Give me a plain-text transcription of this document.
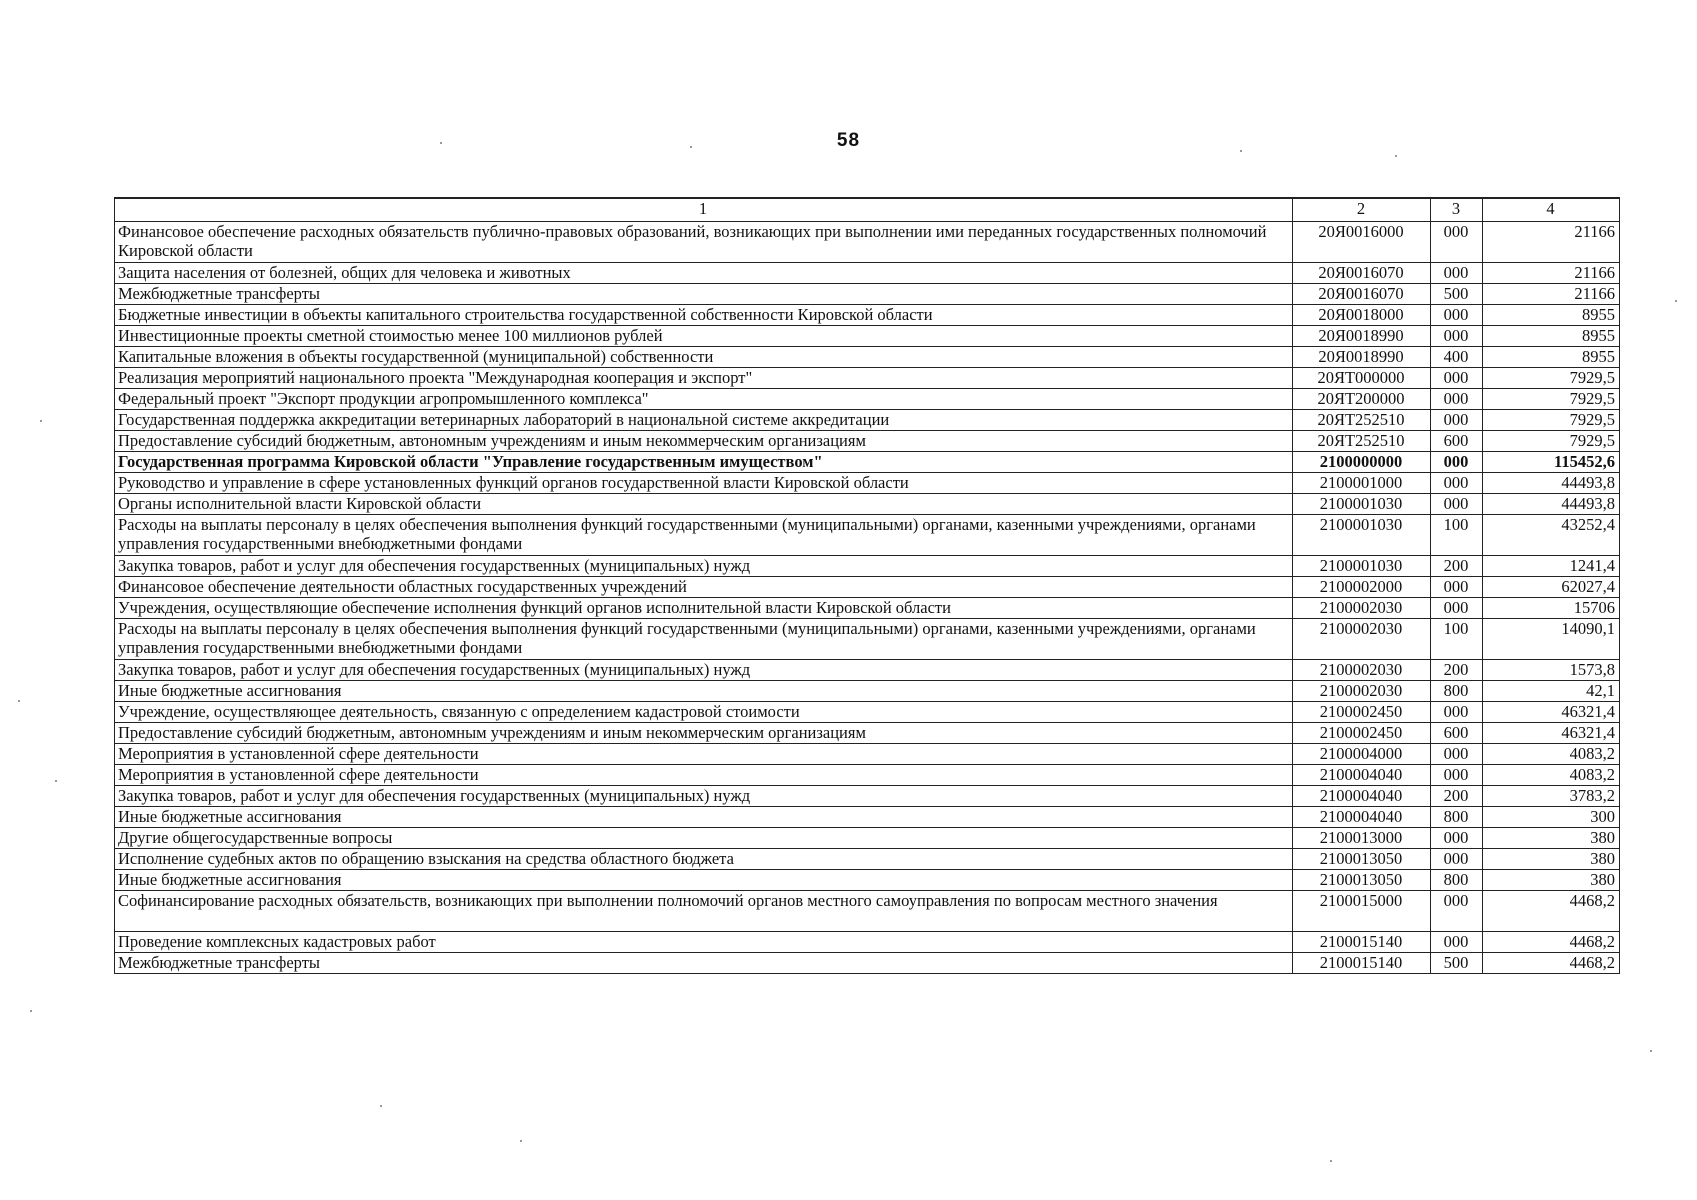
58
1	2	3	4
Финансовое обеспечение расходных обязательств публично-правовых образований, возникающих при выполнении ими переданных государственных полномочий Кировской области	20Я0016000	000	21166
Защита населения от болезней, общих для человека и животных	20Я0016070	000	21166
Межбюджетные трансферты	20Я0016070	500	21166
Бюджетные инвестиции в объекты капитального строительства государственной собственности Кировской области	20Я0018000	000	8955
Инвестиционные проекты сметной стоимостью менее 100 миллионов рублей	20Я0018990	000	8955
Капитальные вложения в объекты государственной (муниципальной) собственности	20Я0018990	400	8955
Реализация мероприятий национального проекта "Международная кооперация и экспорт"	20ЯТ000000	000	7929,5
Федеральный проект "Экспорт продукции агропромышленного комплекса"	20ЯТ200000	000	7929,5
Государственная поддержка аккредитации ветеринарных лабораторий в национальной системе аккредитации	20ЯТ252510	000	7929,5
Предоставление субсидий бюджетным, автономным учреждениям и иным некоммерческим организациям	20ЯТ252510	600	7929,5
Государственная программа Кировской области "Управление государственным имуществом"	2100000000	000	115452,6
Руководство и управление в сфере установленных функций органов государственной власти Кировской области	2100001000	000	44493,8
Органы исполнительной власти Кировской области	2100001030	000	44493,8
Расходы на выплаты персоналу в целях обеспечения выполнения функций государственными (муниципальными) органами, казенными учреждениями, органами управления государственными внебюджетными фондами	2100001030	100	43252,4
Закупка товаров, работ и услуг для обеспечения государственных (муниципальных) нужд	2100001030	200	1241,4
Финансовое обеспечение деятельности областных государственных учреждений	2100002000	000	62027,4
Учреждения, осуществляющие обеспечение исполнения функций органов исполнительной власти Кировской области	2100002030	000	15706
Расходы на выплаты персоналу в целях обеспечения выполнения функций государственными (муниципальными) органами, казенными учреждениями, органами управления государственными внебюджетными фондами	2100002030	100	14090,1
Закупка товаров, работ и услуг для обеспечения государственных (муниципальных) нужд	2100002030	200	1573,8
Иные бюджетные ассигнования	2100002030	800	42,1
Учреждение, осуществляющее деятельность, связанную с определением кадастровой стоимости	2100002450	000	46321,4
Предоставление субсидий бюджетным, автономным учреждениям и иным некоммерческим организациям	2100002450	600	46321,4
Мероприятия в установленной сфере деятельности	2100004000	000	4083,2
Мероприятия в установленной сфере деятельности	2100004040	000	4083,2
Закупка товаров, работ и услуг для обеспечения государственных (муниципальных) нужд	2100004040	200	3783,2
Иные бюджетные ассигнования	2100004040	800	300
Другие общегосударственные вопросы	2100013000	000	380
Исполнение судебных актов по обращению взыскания на средства областного бюджета	2100013050	000	380
Иные бюджетные ассигнования	2100013050	800	380
Софинансирование расходных обязательств, возникающих при выполнении полномочий органов местного самоуправления по вопросам местного значения	2100015000	000	4468,2
Проведение комплексных кадастровых работ	2100015140	000	4468,2
Межбюджетные трансферты	2100015140	500	4468,2
